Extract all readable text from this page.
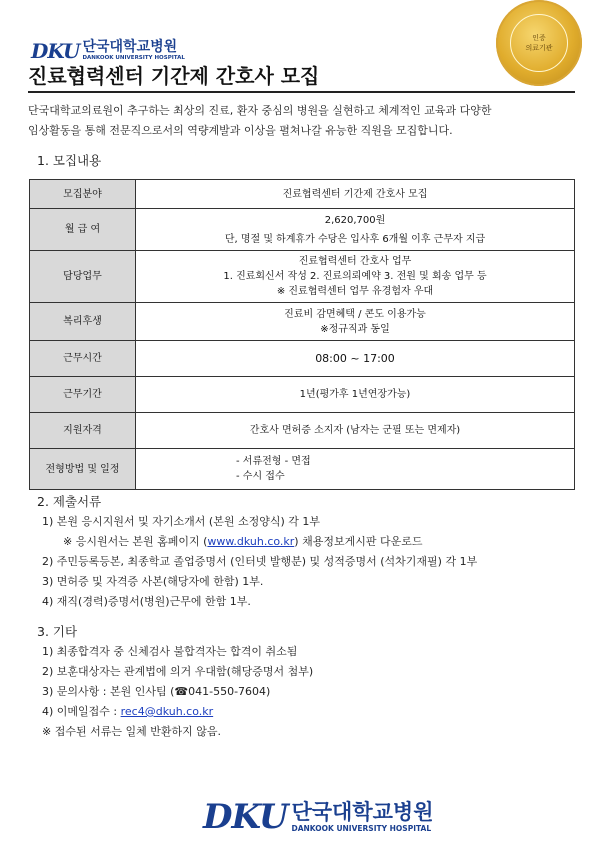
DKU 단국대학교병원
DANKOOK UNIVERSITY HOSPITAL
인증
의료기관
진료협력센터 기간제 간호사 모집
단국대학교의료원이 추구하는 최상의 진료, 환자 중심의 병원을 실현하고 체계적인 교육과 다양한
임상활동을 통해 전문직으로서의 역량계발과 이상을 펼쳐나갈 유능한 직원을 모집합니다.
1. 모집내용
모집분야	진료협력센터 기간제 간호사 모집

월 급 여	2,620,700원
단, 명절 및 하계휴가 수당은 입사후 6개월 이후 근무자 지급

담당업무	진료협력센터 간호사 업무
1. 진료회신서 작성 2. 진료의뢰예약 3. 전원 및 회송 업무 등
※ 진료협력센터 업무 유경험자 우대

복리후생	진료비 감면혜택 / 콘도 이용가능
※정규직과 동일

근무시간	08:00 ~ 17:00

근무기간	1년(평가후 1년연장가능)

지원자격	간호사 면허증 소지자 (남자는 군필 또는 면제자)

전형방법 및 일정	- 서류전형 - 면접
- 수시 접수
2. 제출서류
1) 본원 응시지원서 및 자기소개서 (본원 소정양식) 각 1부
※ 응시원서는 본원 홈페이지 (www.dkuh.co.kr) 채용정보게시판 다운로드
2) 주민등록등본, 최종학교 졸업증명서 (인터넷 발행분) 및 성적증명서 (석차기재필) 각 1부
3) 면허증 및 자격증 사본(해당자에 한함) 1부.
4) 재직(경력)증명서(병원)근무에 한함 1부.
3. 기타
1) 최종합격자 중 신체검사 불합격자는 합격이 취소됨
2) 보훈대상자는 관계법에 의거 우대함(해당증명서 첨부)
3) 문의사항 : 본원 인사팀 (☎041-550-7604)
4) 이메일접수 : rec4@dkuh.co.kr
※ 접수된 서류는 일체 반환하지 않음.
DKU 단국대학교병원
DANKOOK UNIVERSITY HOSPITAL
